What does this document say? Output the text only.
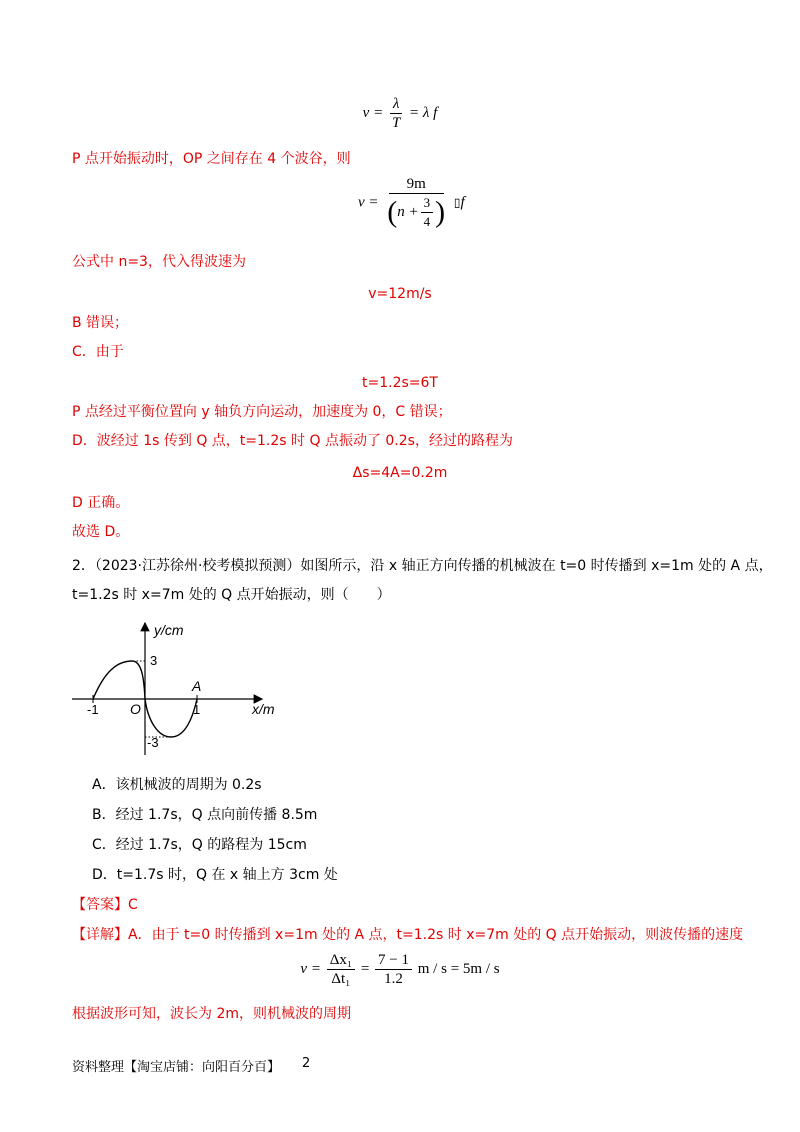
$v = \frac{\lambda}{T} = \lambda$ f
P 点开始振动时，OP 之间存在 4 个波谷，则
$v = \frac{9m}{(n + \frac{3}{4} )}$ ▯f
公式中 n=3，代入得波速为
v=12m/s
B 错误；
C．由于
t=1.2s=6T
P 点经过平衡位置向 y 轴负方向运动，加速度为 0，C 错误；
D．波经过 1s 传到 Q 点，t=1.2s 时 Q 点振动了 0.2s，经过的路程为
Δs=4A=0.2m
D 正确。
故选 D。
2．（2023·江苏徐州·校考模拟预测）如图所示，沿 x 轴正方向传播的机械波在 t=0 时传播到 x=1m 处的 A 点，
t=1.2s 时 x=7m 处的 Q 点开始振动，则（　　）
y/cm
x/m
O
-1	1
3
-3
A
A．该机械波的周期为 0.2s
B．经过 1.7s，Q 点向前传播 8.5m
C．经过 1.7s，Q 的路程为 15cm
D．t=1.7s 时，Q 在 x 轴上方 3cm 处
【答案】C
【详解】A．由于 t=0 时传播到 x=1m 处的 A 点，t=1.2s 时 x=7m 处的 Q 点开始振动，则波传播的速度
$v = \frac{\text{Δx₁}}{\text{Δt₁}} = \frac{7 - 1}{1.2}$ m / s = 5m / s
根据波形可知，波长为 2m，则机械波的周期
资料整理【淘宝店铺：向阳百分百】 2
